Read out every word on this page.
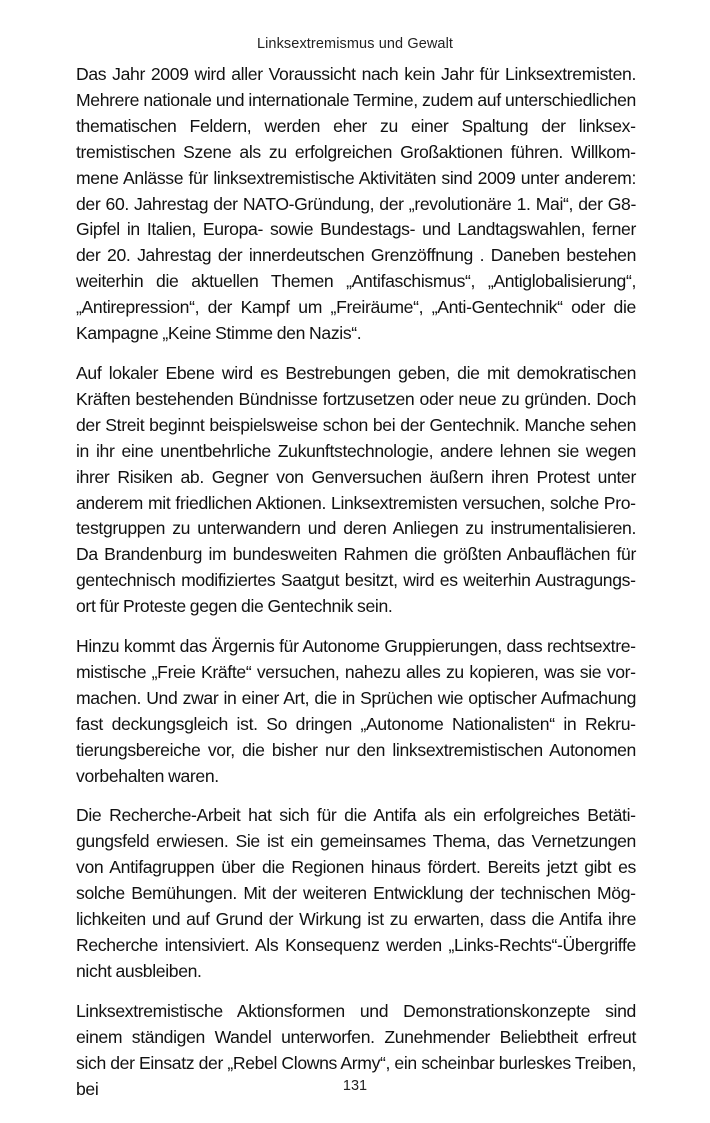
Linksextremismus und Gewalt

Das Jahr 2009 wird aller Voraussicht nach kein Jahr für Linksextremisten. Mehrere nationale und internationale Termine, zudem auf unterschiedlichen thematischen Feldern, werden eher zu einer Spaltung der linksextremistischen Szene als zu erfolgreichen Großaktionen führen. Willkommene Anlässe für linksextremistische Aktivitäten sind 2009 unter anderem: der 60. Jahrestag der NATO-Gründung, der „revolutionäre 1. Mai“, der G8-Gipfel in Italien, Europa- sowie Bundestags- und Landtagswahlen, ferner der 20. Jahrestag der innerdeutschen Grenzöffnung . Daneben bestehen weiterhin die aktuellen Themen „Antifaschismus“, „Antiglobalisierung“, „Antirepression“, der Kampf um „Freiräume“, „Anti-Gentechnik“ oder die Kampagne „Keine Stimme den Nazis“.

Auf lokaler Ebene wird es Bestrebungen geben, die mit demokratischen Kräften bestehenden Bündnisse fortzusetzen oder neue zu gründen. Doch der Streit beginnt beispielsweise schon bei der Gentechnik. Manche sehen in ihr eine unentbehrliche Zukunftstechnologie, andere lehnen sie wegen ihrer Risiken ab. Gegner von Genversuchen äußern ihren Protest unter anderem mit friedlichen Aktionen. Linksextremisten versuchen, solche Protestgruppen zu unterwandern und deren Anliegen zu instrumentalisieren. Da Brandenburg im bundesweiten Rahmen die größten Anbauflächen für gentechnisch modifiziertes Saatgut besitzt, wird es weiterhin Austragungsort für Proteste gegen die Gentechnik sein.

Hinzu kommt das Ärgernis für Autonome Gruppierungen, dass rechtsextremistische „Freie Kräfte“ versuchen, nahezu alles zu kopieren, was sie vormachen. Und zwar in einer Art, die in Sprüchen wie optischer Aufmachung fast deckungsgleich ist. So dringen „Autonome Nationalisten“ in Rekrutierungsbereiche vor, die bisher nur den linksextremistischen Autonomen vorbehalten waren.

Die Recherche-Arbeit hat sich für die Antifa als ein erfolgreiches Betätigungsfeld erwiesen. Sie ist ein gemeinsames Thema, das Vernetzungen von Antifagruppen über die Regionen hinaus fördert. Bereits jetzt gibt es solche Bemühungen. Mit der weiteren Entwicklung der technischen Möglichkeiten und auf Grund der Wirkung ist zu erwarten, dass die Antifa ihre Recherche intensiviert. Als Konsequenz werden „Links-Rechts“-Übergriffe nicht ausbleiben.

Linksextremistische Aktionsformen und Demonstrationskonzepte sind einem ständigen Wandel unterworfen. Zunehmender Beliebtheit erfreut sich der Einsatz der „Rebel Clowns Army“, ein scheinbar burleskes Treiben, bei	131
